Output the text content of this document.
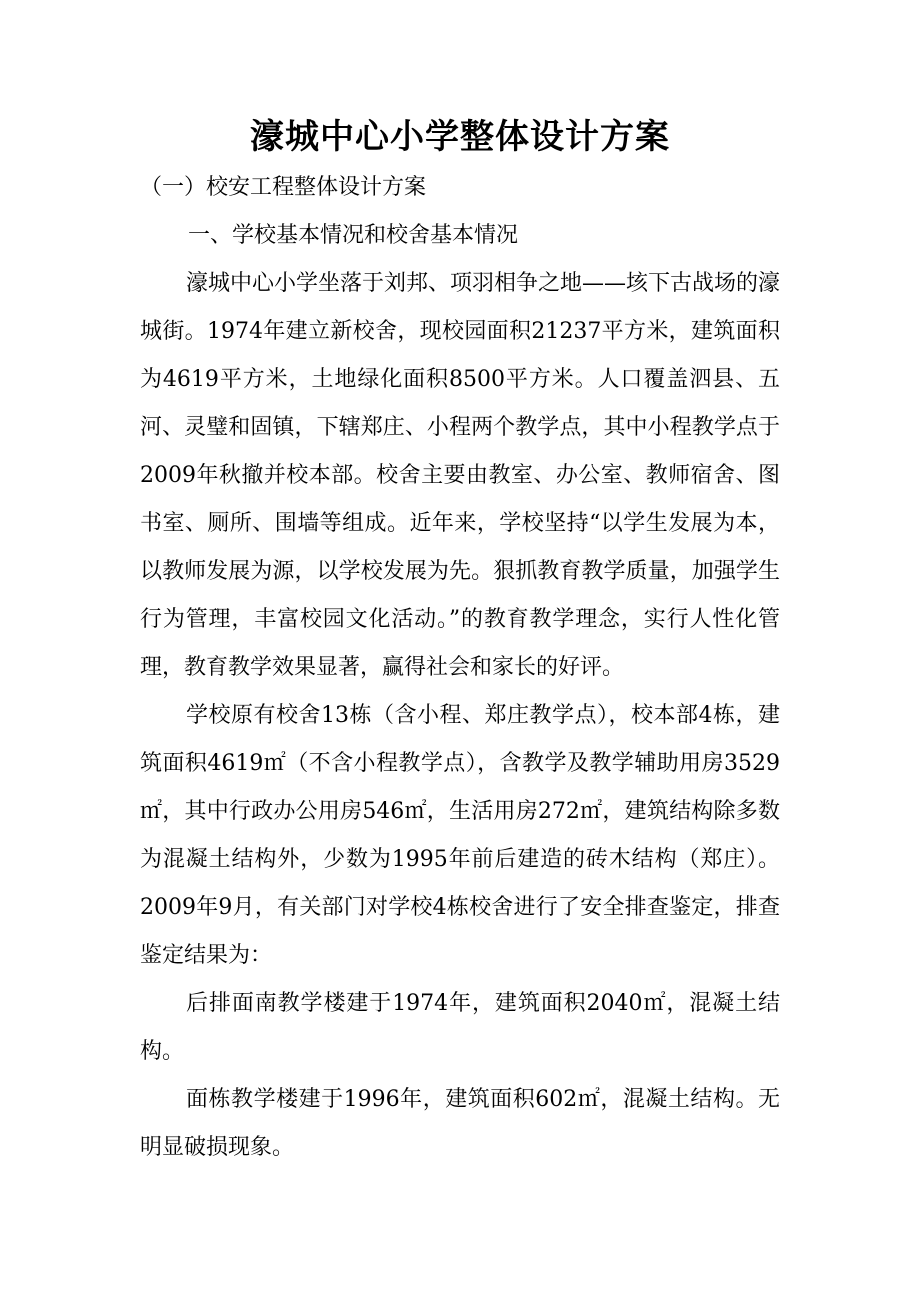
濠城中心小学整体设计方案
（一）校安工程整体设计方案
一、学校基本情况和校舍基本情况

濠城中心小学坐落于刘邦、项羽相争之地——垓下古战场的濠城街。1974年建立新校舍，现校园面积21237平方米，建筑面积为4619平方米，土地绿化面积8500平方米。人口覆盖泗县、五河、灵璧和固镇，下辖郑庄、小程两个教学点，其中小程教学点于2009年秋撤并校本部。校舍主要由教室、办公室、教师宿舍、图书室、厕所、围墙等组成。近年来，学校坚持“以学生发展为本，以教师发展为源，以学校发展为先。狠抓教育教学质量，加强学生行为管理，丰富校园文化活动。”的教育教学理念，实行人性化管理，教育教学效果显著，赢得社会和家长的好评。

学校原有校舍13栋（含小程、郑庄教学点），校本部4栋，建筑面积4619㎡（不含小程教学点），含教学及教学辅助用房3529㎡，其中行政办公用房546㎡，生活用房272㎡，建筑结构除多数为混凝土结构外，少数为1995年前后建造的砖木结构（郑庄）。2009年9月，有关部门对学校4栋校舍进行了安全排查鉴定，排查鉴定结果为：

后排面南教学楼建于1974年，建筑面积2040㎡，混凝土结构。

面栋教学楼建于1996年，建筑面积602㎡，混凝土结构。无明显破损现象。
